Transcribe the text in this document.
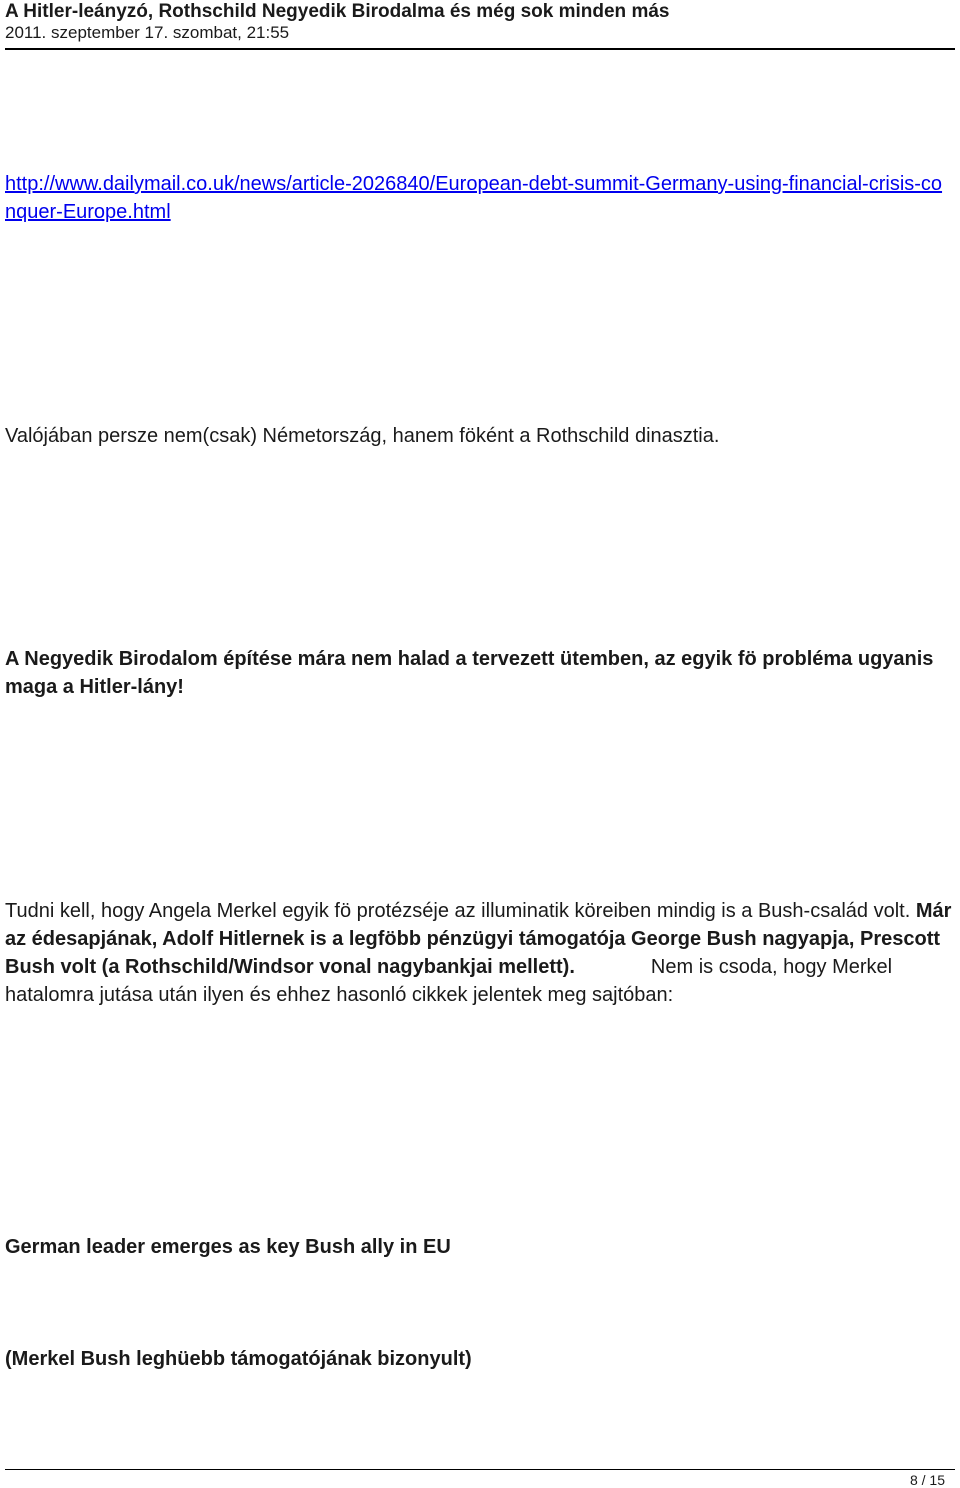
A Hitler-leányzó, Rothschild Negyedik Birodalma és még sok minden más
2011. szeptember 17. szombat, 21:55
http://www.dailymail.co.uk/news/article-2026840/European-debt-summit-Germany-using-financial-crisis-conquer-Europe.html

Valójában persze nem(csak) Németország, hanem föként a Rothschild dinasztia.

A Negyedik Birodalom építése mára nem halad a tervezett ütemben, az egyik fö probléma ugyanis maga a Hitler-lány!

Tudni kell, hogy Angela Merkel egyik fö protézséje az illuminatik köreiben mindig is a Bush-család volt. Már az édesapjának, Adolf Hitlernek is a legföbb pénzügyi támogatója George Bush nagyapja, Prescott Bush volt (a Rothschild/Windsor vonal nagybankjai mellett).	Nem is csoda, hogy Merkel hatalomra jutása után ilyen és ehhez hasonló cikkek jelentek meg sajtóban:

German leader emerges as key Bush ally in EU

(Merkel Bush leghüebb támogatójának bizonyult)

8 / 15
